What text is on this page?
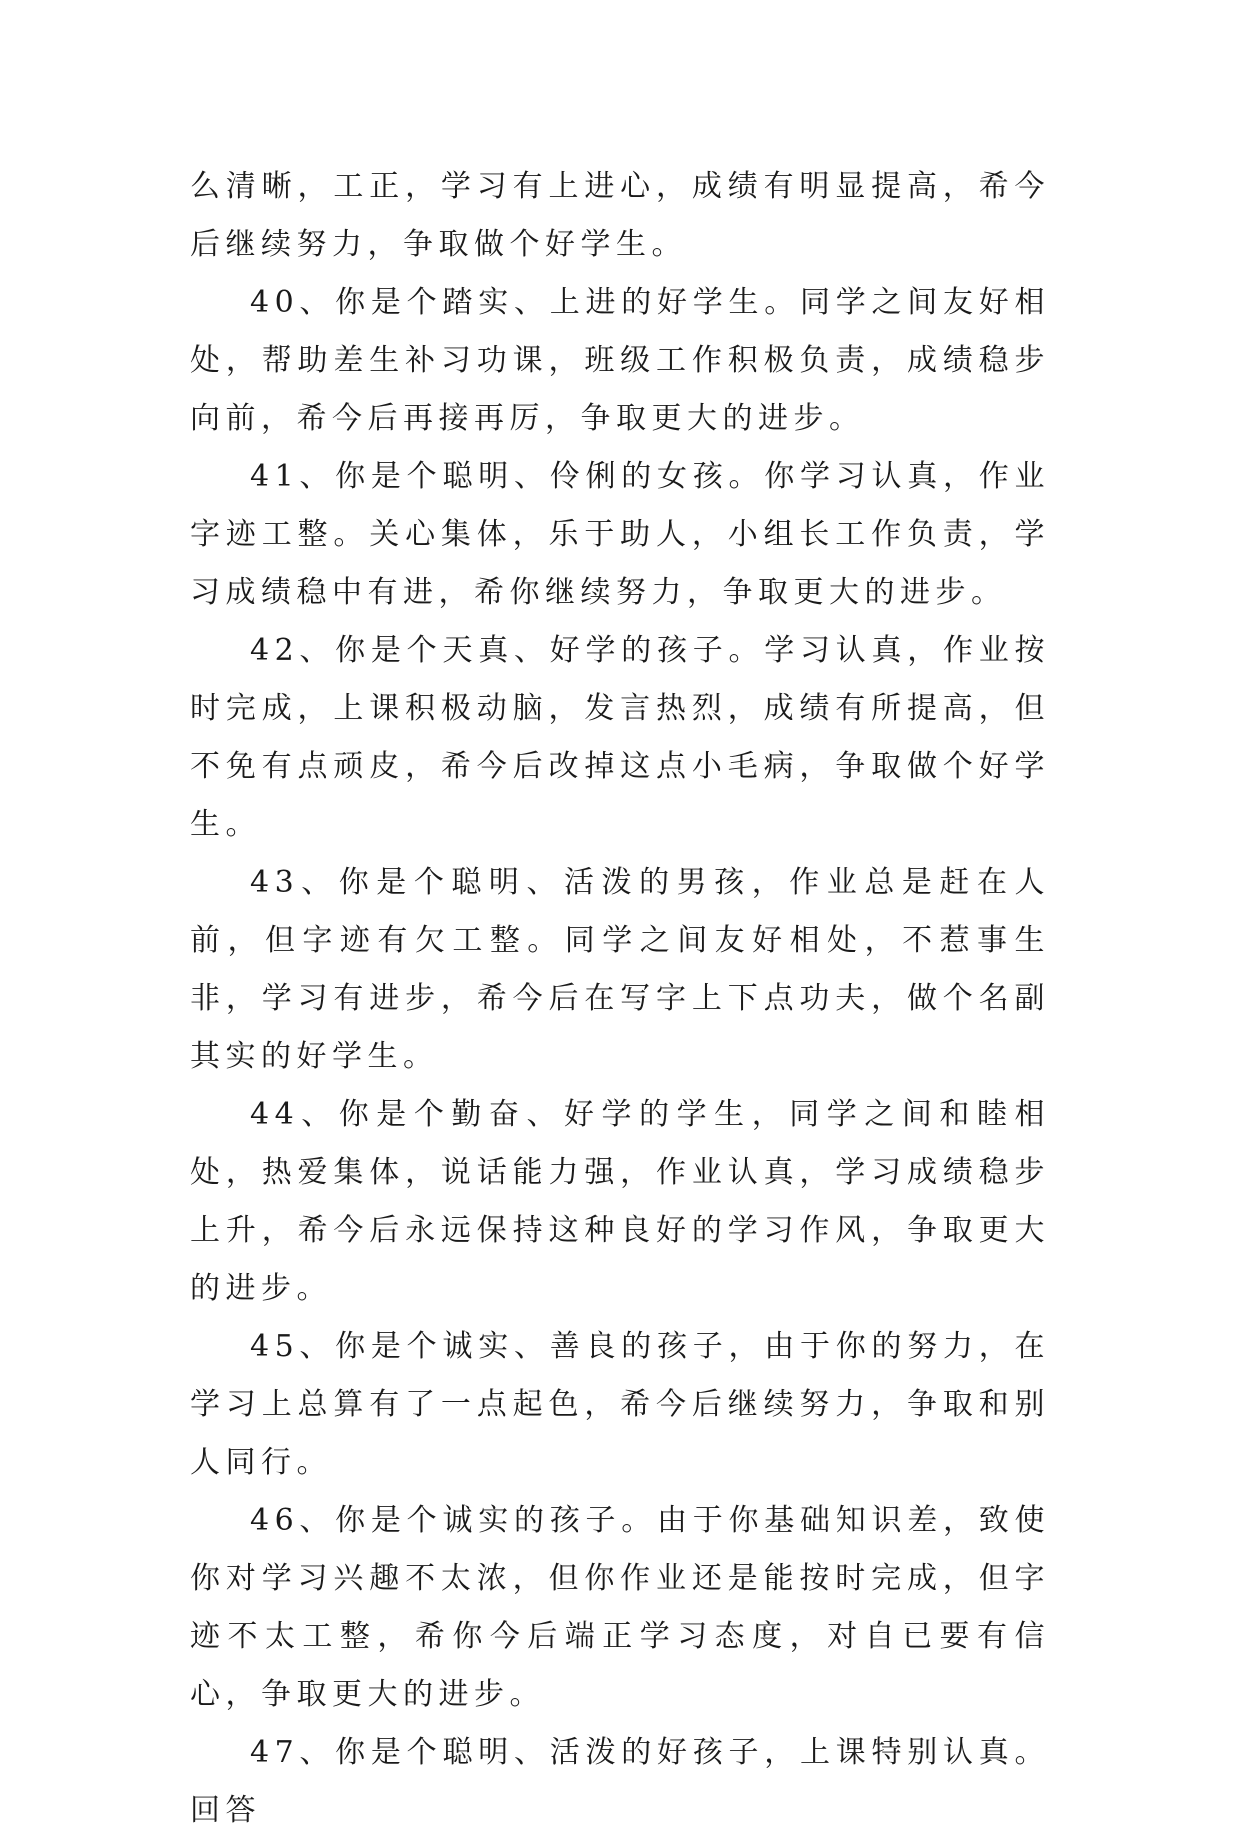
么清晰，工正，学习有上进心，成绩有明显提高，希今后继续努力，争取做个好学生。

40、你是个踏实、上进的好学生。同学之间友好相处，帮助差生补习功课，班级工作积极负责，成绩稳步向前，希今后再接再厉，争取更大的进步。

41、你是个聪明、伶俐的女孩。你学习认真，作业字迹工整。关心集体，乐于助人，小组长工作负责，学习成绩稳中有进，希你继续努力，争取更大的进步。

42、你是个天真、好学的孩子。学习认真，作业按时完成，上课积极动脑，发言热烈，成绩有所提高，但不免有点顽皮，希今后改掉这点小毛病，争取做个好学生。

43、你是个聪明、活泼的男孩，作业总是赶在人前，但字迹有欠工整。同学之间友好相处，不惹事生非，学习有进步，希今后在写字上下点功夫，做个名副其实的好学生。

44、你是个勤奋、好学的学生，同学之间和睦相处，热爱集体，说话能力强，作业认真，学习成绩稳步上升，希今后永远保持这种良好的学习作风，争取更大的进步。

45、你是个诚实、善良的孩子，由于你的努力，在学习上总算有了一点起色，希今后继续努力，争取和别人同行。

46、你是个诚实的孩子。由于你基础知识差，致使你对学习兴趣不太浓，但你作业还是能按时完成，但字迹不太工整，希你今后端正学习态度，对自已要有信心，争取更大的进步。

47、你是个聪明、活泼的好孩子，上课特别认真。回答
